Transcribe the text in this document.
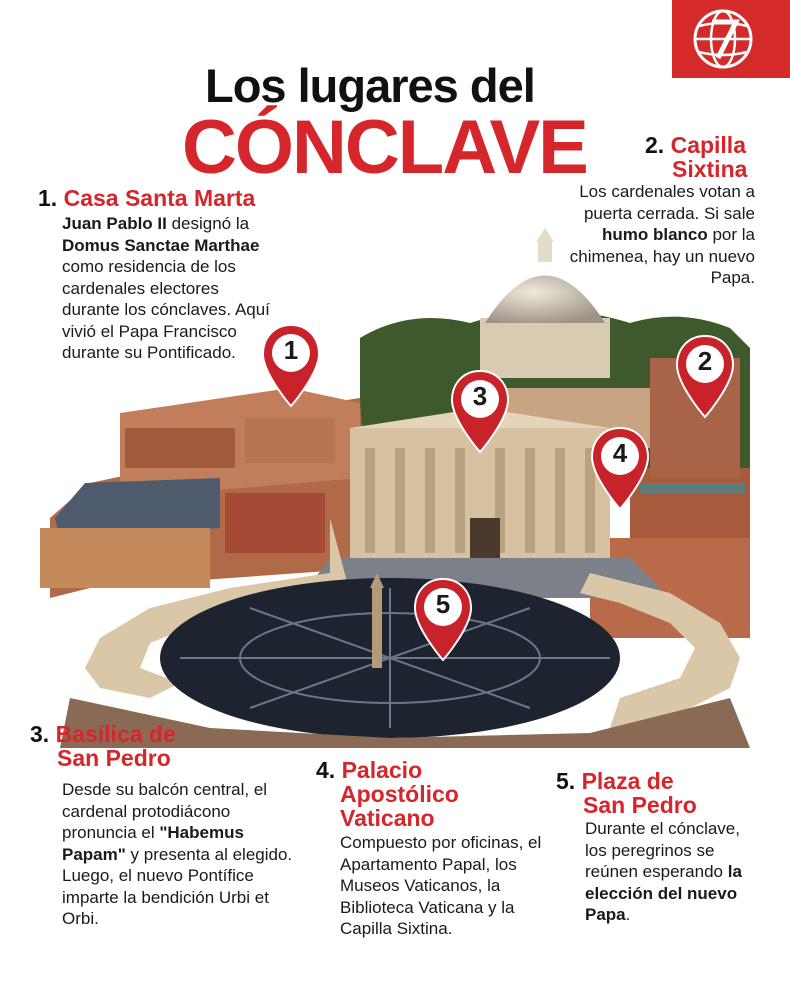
Los lugares del
CÓNCLAVE
1. Casa Santa Marta
Juan Pablo II designó la Domus Sanctae Marthae como residencia de los cardenales electores durante los cónclaves. Aquí vivió el Papa Francisco durante su Pontificado.
2. Capilla
Sixtina
Los cardenales votan a puerta cerrada. Si sale humo blanco por la chimenea, hay un nuevo Papa.
1	2
3
4
5
3. Basílica de
San Pedro
Desde su balcón central, el cardenal protodiácono pronuncia el "Habemus Papam" y presenta al elegido. Luego, el nuevo Pontífice imparte la bendición Urbi et Orbi.
4. Palacio
Apostólico
Vaticano
Compuesto por oficinas, el Apartamento Papal, los Museos Vaticanos, la Biblioteca Vaticana y la Capilla Sixtina.
5. Plaza de
San Pedro
Durante el cónclave, los peregrinos se reúnen esperando la elección del nuevo Papa.
